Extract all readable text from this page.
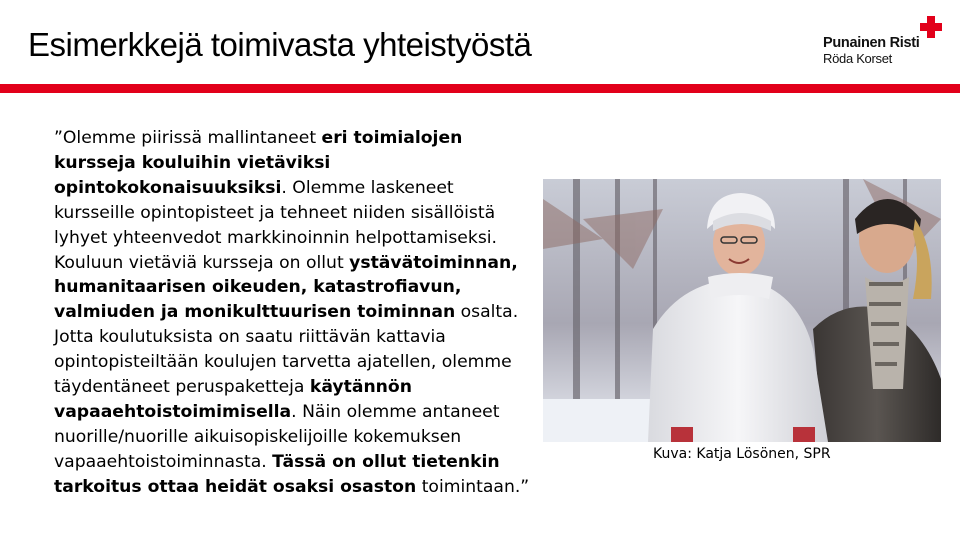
Esimerkkejä toimivasta yhteistyöstä	Punainen Risti
Röda Korset
”Olemme piirissä mallintaneet eri toimialojen kursseja kouluihin vietäviksi opintokokonaisuuksiksi. Olemme laskeneet kursseille opintopisteet ja tehneet niiden sisällöistä lyhyet yhteenvedot markkinoinnin helpottamiseksi. Kouluun vietäviä kursseja on ollut ystävätoiminnan, humanitaarisen oikeuden, katastrofiavun, valmiuden ja monikulttuurisen toiminnan osalta. Jotta koulutuksista on saatu riittävän kattavia opintopisteiltään koulujen tarvetta ajatellen, olemme täydentäneet peruspaketteja käytännön vapaaehtoistoimimisella. Näin olemme antaneet nuorille/nuorille aikuisopiskelijoille kokemuksen vapaaehtoistoiminnasta. Tässä on ollut tietenkin tarkoitus ottaa heidät osaksi osaston toimintaan.”
Kuva: Katja Lösönen, SPR
